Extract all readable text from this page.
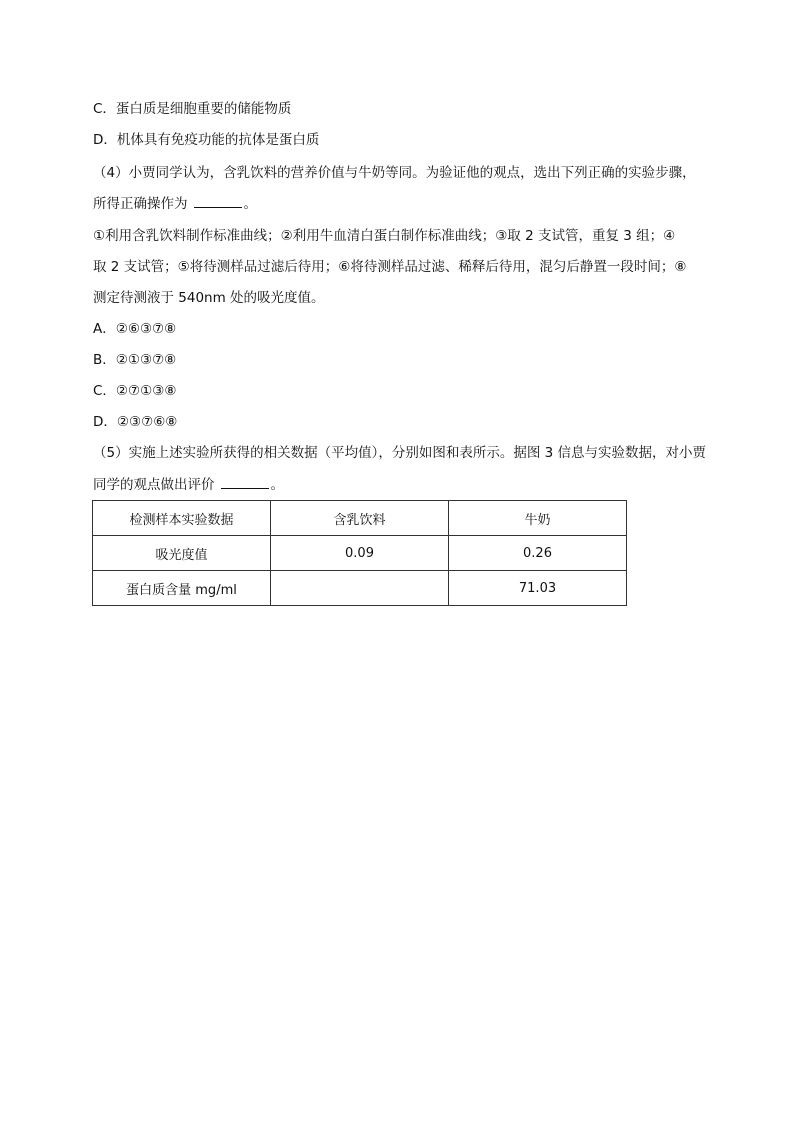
C．蛋白质是细胞重要的储能物质
D．机体具有免疫功能的抗体是蛋白质
（4）小贾同学认为，含乳饮料的营养价值与牛奶等同。为验证他的观点，选出下列正确的实验步骤，
所得正确操作为	。
①利用含乳饮料制作标准曲线；②利用牛血清白蛋白制作标准曲线；③取 2 支试管，重复 3 组；④
取 2 支试管；⑤将待测样品过滤后待用；⑥将待测样品过滤、稀释后待用，混匀后静置一段时间；⑧
测定待测液于 540nm 处的吸光度值。
A．②⑥③⑦⑧
B．②①③⑦⑧
C．②⑦①③⑧
D．②③⑦⑥⑧
（5）实施上述实验所获得的相关数据（平均值），分别如图和表所示。据图 3 信息与实验数据，对小贾
同学的观点做出评价	。
检测样本实验数据	含乳饮料	牛奶
吸光度值	0.09	0.26
蛋白质含量 mg/ml		71.03
